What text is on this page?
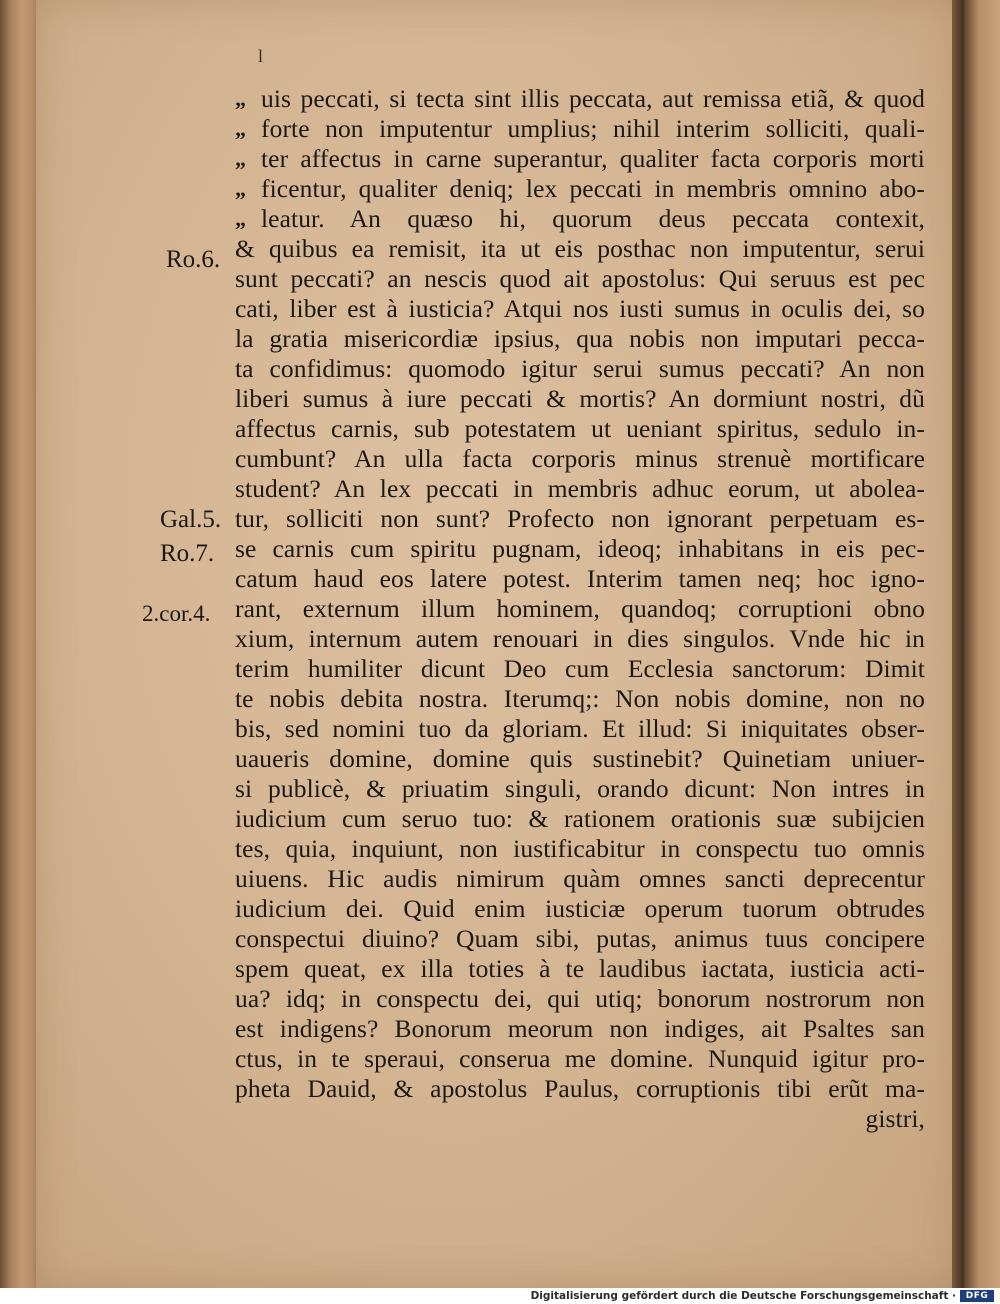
l
„ uis peccati, si tecta sint illis peccata, aut remissa etiã, & quod
„ forte non imputentur umplius; nihil interim solliciti, quali-
„ ter affectus in carne superantur, qualiter facta corporis morti
„ ficentur, qualiter deniq; lex peccati in membris omnino abo-
„ leatur. An quæso hi, quorum deus peccata contexit,
& quibus ea remisit, ita ut eis posthac non imputentur, serui
sunt peccati? an nescis quod ait apostolus: Qui seruus est pec
cati, liber est à iusticia? Atqui nos iusti sumus in oculis dei, so
la gratia misericordiæ ipsius, qua nobis non imputari pecca-
ta confidimus: quomodo igitur serui sumus peccati? An non
liberi sumus à iure peccati & mortis? An dormiunt nostri, dũ
affectus carnis, sub potestatem ut ueniant spiritus, sedulo in-
cumbunt? An ulla facta corporis minus strenuè mortificare
student? An lex peccati in membris adhuc eorum, ut abolea-
tur, solliciti non sunt? Profecto non ignorant perpetuam es-
se carnis cum spiritu pugnam, ideoq; inhabitans in eis pec-
catum haud eos latere potest. Interim tamen neq; hoc igno-
rant, externum illum hominem, quandoq; corruptioni obno
xium, internum autem renouari in dies singulos. Vnde hic in
terim humiliter dicunt Deo cum Ecclesia sanctorum: Dimit
te nobis debita nostra. Iterumq;: Non nobis domine, non no
bis, sed nomini tuo da gloriam. Et illud: Si iniquitates obser-
uaueris domine, domine quis sustinebit? Quinetiam uniuer-
si publicè, & priuatim singuli, orando dicunt: Non intres in
iudicium cum seruo tuo: & rationem orationis suæ subijcien
tes, quia, inquiunt, non iustificabitur in conspectu tuo omnis
uiuens. Hic audis nimirum quàm omnes sancti deprecentur
iudicium dei. Quid enim iusticiæ operum tuorum obtrudes
conspectui diuino? Quam sibi, putas, animus tuus concipere
spem queat, ex illa toties à te laudibus iactata, iusticia acti-
ua? idq; in conspectu dei, qui utiq; bonorum nostrorum non
est indigens? Bonorum meorum non indiges, ait Psaltes san
ctus, in te speraui, conserua me domine. Nunquid igitur pro-
pheta Dauid, & apostolus Paulus, corruptionis tibi erũt ma-
gistri,
Ro.6.
Gal.5.
Ro.7.
2.cor.4.
Digitalisierung gefördert durch die Deutsche Forschungsgemeinschaft ·	DFG
